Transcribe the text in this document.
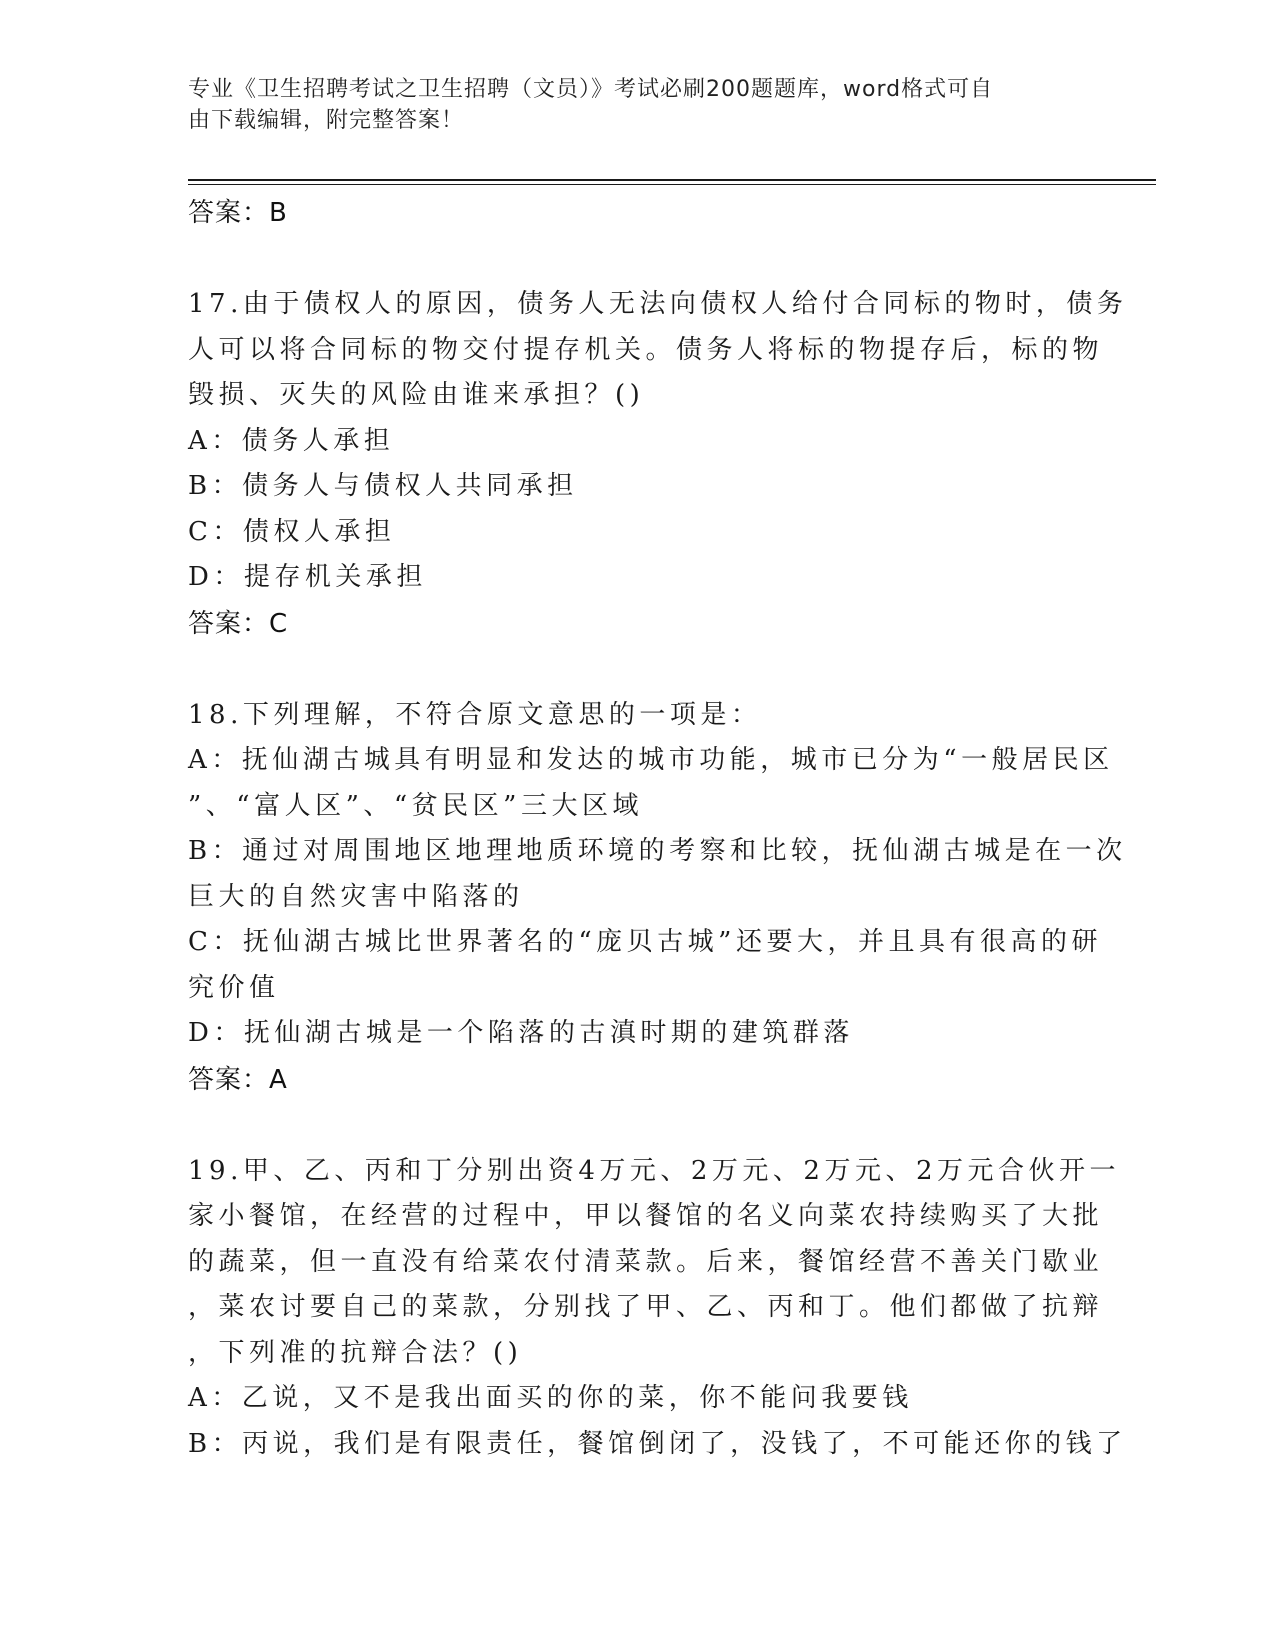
专业《卫生招聘考试之卫生招聘（文员）》考试必刷200题题库，word格式可自
由下载编辑，附完整答案！
答案：B
17.由于债权人的原因，债务人无法向债权人给付合同标的物时，债务
人可以将合同标的物交付提存机关。债务人将标的物提存后，标的物
毁损、灭失的风险由谁来承担？()
A：债务人承担
B：债务人与债权人共同承担
C：债权人承担
D：提存机关承担
答案：C
18.下列理解，不符合原文意思的一项是：
A：抚仙湖古城具有明显和发达的城市功能，城市已分为“一般居民区
”、“富人区”、“贫民区”三大区域
B：通过对周围地区地理地质环境的考察和比较，抚仙湖古城是在一次
巨大的自然灾害中陷落的
C：抚仙湖古城比世界著名的“庞贝古城”还要大，并且具有很高的研
究价值
D：抚仙湖古城是一个陷落的古滇时期的建筑群落
答案：A
19.甲、乙、丙和丁分别出资4万元、2万元、2万元、2万元合伙开一
家小餐馆，在经营的过程中，甲以餐馆的名义向菜农持续购买了大批
的蔬菜，但一直没有给菜农付清菜款。后来，餐馆经营不善关门歇业
，菜农讨要自己的菜款，分别找了甲、乙、丙和丁。他们都做了抗辩
，下列准的抗辩合法？()
A：乙说，又不是我出面买的你的菜，你不能问我要钱
B：丙说，我们是有限责任，餐馆倒闭了，没钱了，不可能还你的钱了
